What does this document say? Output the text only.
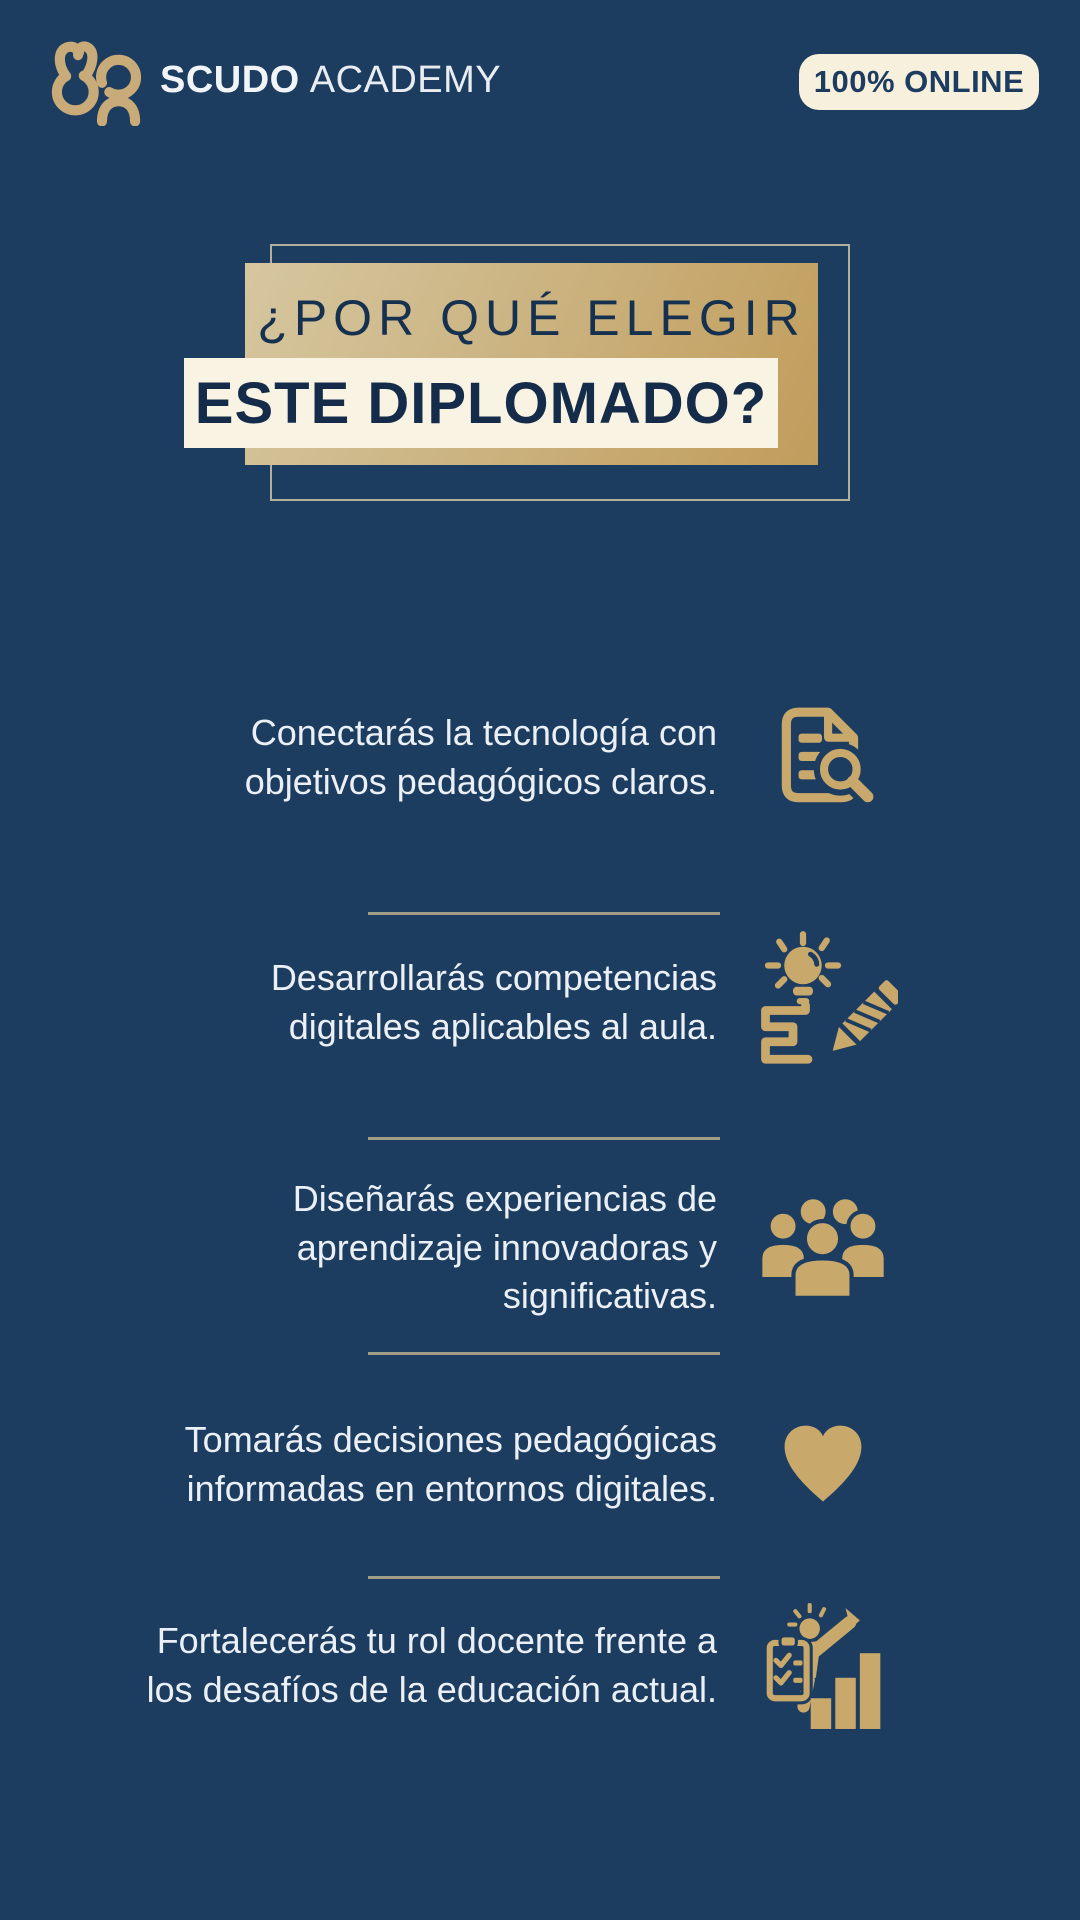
SCUDO ACADEMY	100% ONLINE
¿POR QUÉ ELEGIR
ESTE DIPLOMADO?
Conectarás la tecnología con
objetivos pedagógicos claros.
Desarrollarás competencias
digitales aplicables al aula.
Diseñarás experiencias de
aprendizaje innovadoras y
significativas.
Tomarás decisiones pedagógicas
informadas en entornos digitales.
Fortalecerás tu rol docente frente a
los desafíos de la educación actual.
